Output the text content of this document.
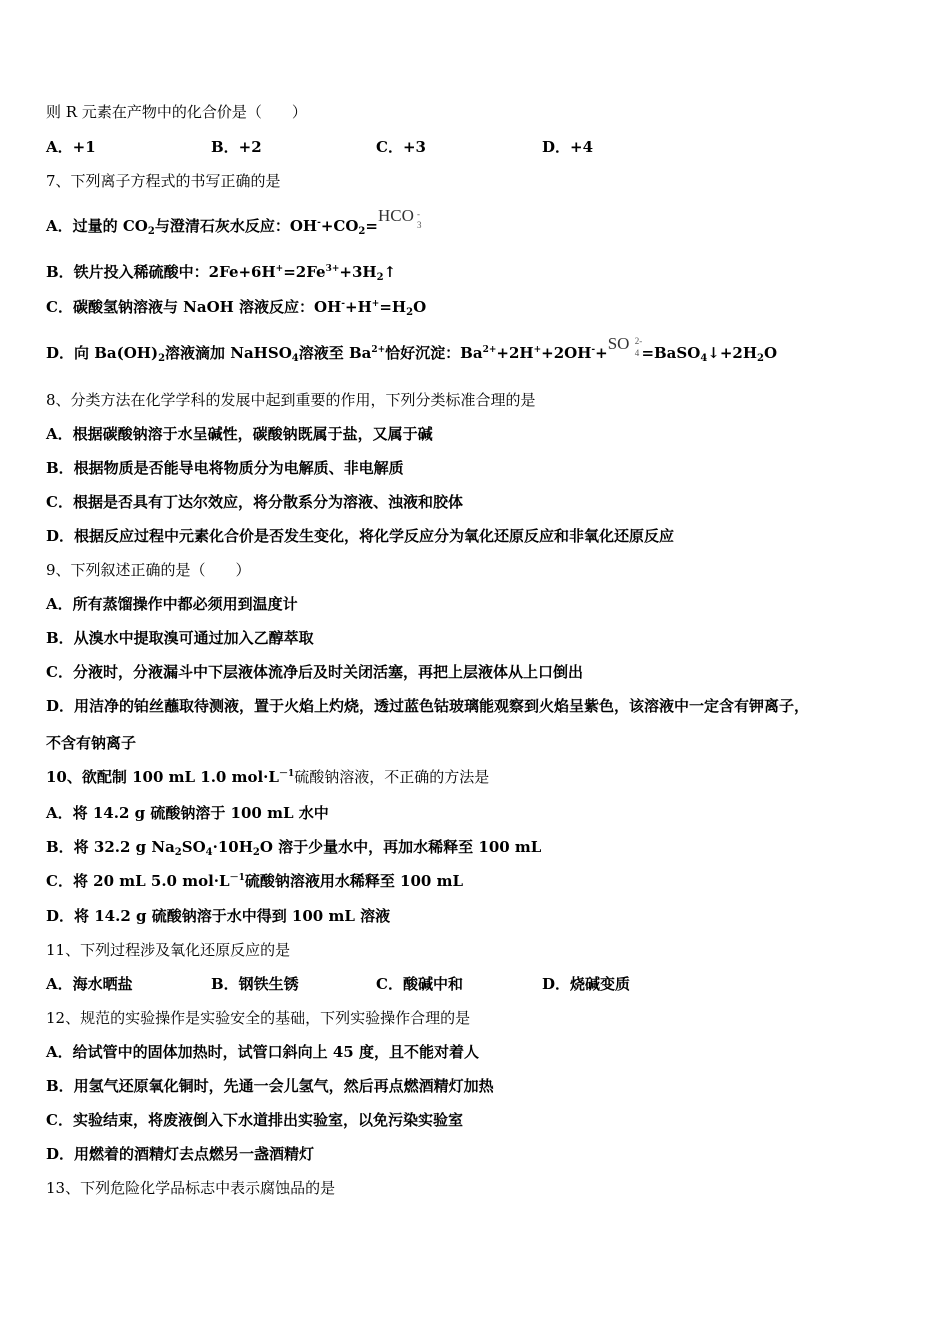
则 R 元素在产物中的化合价是（　　）
A．+1	B．+2	C．+3	D．+4
7、下列离子方程式的书写正确的是
A．过量的 $CO_2$与澄清石灰水反应：$OH^-+CO_2=HCO$ -
3
B．铁片投入稀硫酸中：$2Fe+6H^+=2Fe^{3+}+3H_2↑$
C．碳酸氢钠溶液与 NaOH 溶液反应：$OH^-+H^+=H_2O$
D．向 $Ba(OH)_2$溶液滴加 NaHSO$_4$溶液至 $Ba^{2+}$恰好沉淀：$Ba^{2+}+2H^++2OH^-+SO$ 2-
$4 =BaSO_4↓+2H_2O$
8、分类方法在化学学科的发展中起到重要的作用，下列分类标准合理的是
A．根据碳酸钠溶于水呈碱性，碳酸钠既属于盐，又属于碱
B．根据物质是否能导电将物质分为电解质、非电解质
C．根据是否具有丁达尔效应，将分散系分为溶液、浊液和胶体
D．根据反应过程中元素化合价是否发生变化，将化学反应分为氧化还原反应和非氧化还原反应
9、下列叙述正确的是（　　）
A．所有蒸馏操作中都必须用到温度计
B．从溴水中提取溴可通过加入乙醇萃取
C．分液时，分液漏斗中下层液体流净后及时关闭活塞，再把上层液体从上口倒出
D．用洁净的铂丝蘸取待测液，置于火焰上灼烧，透过蓝色钴玻璃能观察到火焰呈紫色，该溶液中一定含有钾离子，
不含有钠离子
10、欲配制 100 mL 1.0 $mol\cdot L^{-1}$硫酸钠溶液，不正确的方法是
A．将 14.2 g 硫酸钠溶于 100 mL 水中
B．将 32.2 g $Na_2SO_4\cdot 10H_2O$ 溶于少量水中，再加水稀释至 100 mL
C．将 20 mL 5.0 $mol\cdot L^{-1}$硫酸钠溶液用水稀释至 100 mL
D．将 14.2 g 硫酸钠溶于水中得到 100 mL 溶液
11、下列过程涉及氧化还原反应的是
A．海水晒盐	B．钢铁生锈	C．酸碱中和	D．烧碱变质
12、规范的实验操作是实验安全的基础，下列实验操作合理的是
A．给试管中的固体加热时，试管口斜向上 45 度，且不能对着人
B．用氢气还原氧化铜时，先通一会儿氢气，然后再点燃酒精灯加热
C．实验结束，将废液倒入下水道排出实验室，以免污染实验室
D．用燃着的酒精灯去点燃另一盏酒精灯
13、下列危险化学品标志中表示腐蚀品的是
